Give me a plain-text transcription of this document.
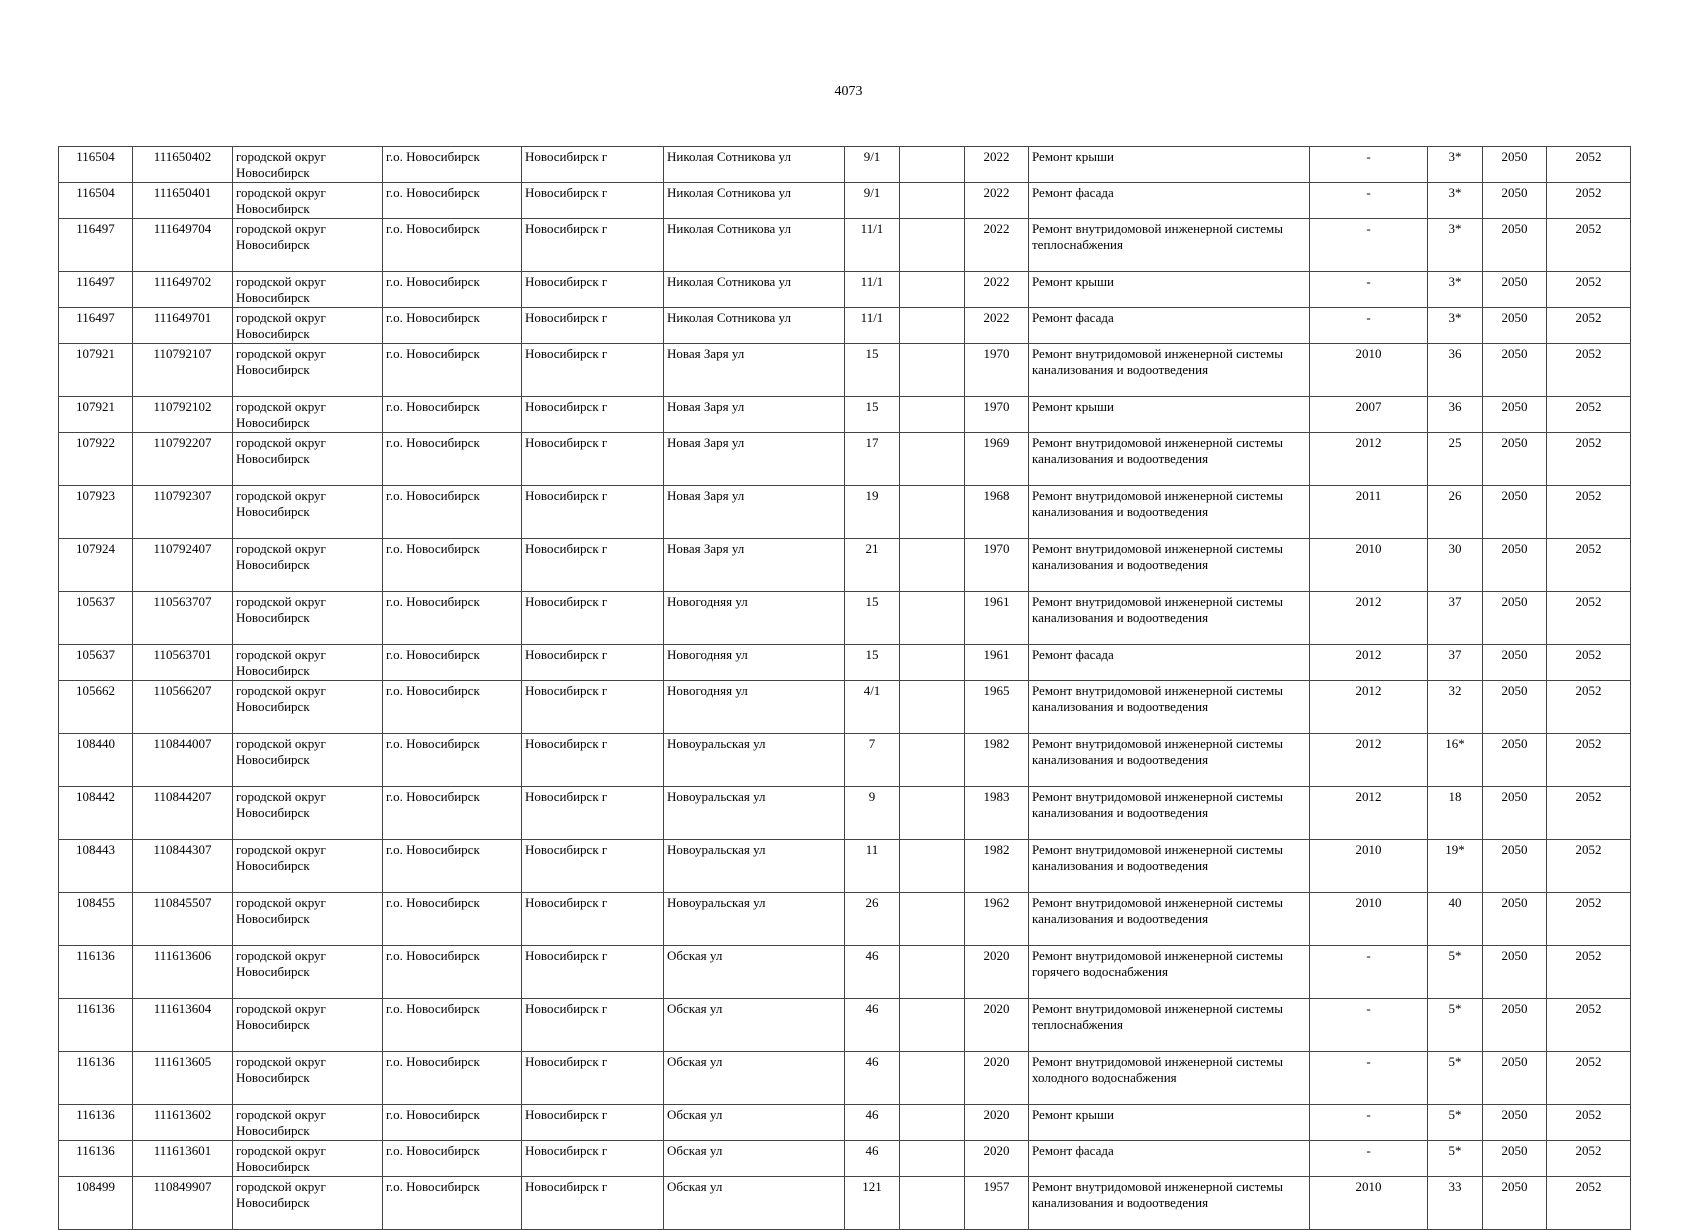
4073
116504	111650402	городской округ Новосибирск	г.о. Новосибирск	Новосибирск г	Николая Сотникова ул	9/1		2022	Ремонт крыши	-	3*	2050	2052
116504	111650401	городской округ Новосибирск	г.о. Новосибирск	Новосибирск г	Николая Сотникова ул	9/1		2022	Ремонт фасада	-	3*	2050	2052
116497	111649704	городской округ Новосибирск	г.о. Новосибирск	Новосибирск г	Николая Сотникова ул	11/1		2022	Ремонт внутридомовой инженерной системы теплоснабжения	-	3*	2050	2052
116497	111649702	городской округ Новосибирск	г.о. Новосибирск	Новосибирск г	Николая Сотникова ул	11/1		2022	Ремонт крыши	-	3*	2050	2052
116497	111649701	городской округ Новосибирск	г.о. Новосибирск	Новосибирск г	Николая Сотникова ул	11/1		2022	Ремонт фасада	-	3*	2050	2052
107921	110792107	городской округ Новосибирск	г.о. Новосибирск	Новосибирск г	Новая Заря ул	15		1970	Ремонт внутридомовой инженерной системы канализования и водоотведения	2010	36	2050	2052
107921	110792102	городской округ Новосибирск	г.о. Новосибирск	Новосибирск г	Новая Заря ул	15		1970	Ремонт крыши	2007	36	2050	2052
107922	110792207	городской округ Новосибирск	г.о. Новосибирск	Новосибирск г	Новая Заря ул	17		1969	Ремонт внутридомовой инженерной системы канализования и водоотведения	2012	25	2050	2052
107923	110792307	городской округ Новосибирск	г.о. Новосибирск	Новосибирск г	Новая Заря ул	19		1968	Ремонт внутридомовой инженерной системы канализования и водоотведения	2011	26	2050	2052
107924	110792407	городской округ Новосибирск	г.о. Новосибирск	Новосибирск г	Новая Заря ул	21		1970	Ремонт внутридомовой инженерной системы канализования и водоотведения	2010	30	2050	2052
105637	110563707	городской округ Новосибирск	г.о. Новосибирск	Новосибирск г	Новогодняя ул	15		1961	Ремонт внутридомовой инженерной системы канализования и водоотведения	2012	37	2050	2052
105637	110563701	городской округ Новосибирск	г.о. Новосибирск	Новосибирск г	Новогодняя ул	15		1961	Ремонт фасада	2012	37	2050	2052
105662	110566207	городской округ Новосибирск	г.о. Новосибирск	Новосибирск г	Новогодняя ул	4/1		1965	Ремонт внутридомовой инженерной системы канализования и водоотведения	2012	32	2050	2052
108440	110844007	городской округ Новосибирск	г.о. Новосибирск	Новосибирск г	Новоуральская ул	7		1982	Ремонт внутридомовой инженерной системы канализования и водоотведения	2012	16*	2050	2052
108442	110844207	городской округ Новосибирск	г.о. Новосибирск	Новосибирск г	Новоуральская ул	9		1983	Ремонт внутридомовой инженерной системы канализования и водоотведения	2012	18	2050	2052
108443	110844307	городской округ Новосибирск	г.о. Новосибирск	Новосибирск г	Новоуральская ул	11		1982	Ремонт внутридомовой инженерной системы канализования и водоотведения	2010	19*	2050	2052
108455	110845507	городской округ Новосибирск	г.о. Новосибирск	Новосибирск г	Новоуральская ул	26		1962	Ремонт внутридомовой инженерной системы канализования и водоотведения	2010	40	2050	2052
116136	111613606	городской округ Новосибирск	г.о. Новосибирск	Новосибирск г	Обская ул	46		2020	Ремонт внутридомовой инженерной системы горячего водоснабжения	-	5*	2050	2052
116136	111613604	городской округ Новосибирск	г.о. Новосибирск	Новосибирск г	Обская ул	46		2020	Ремонт внутридомовой инженерной системы теплоснабжения	-	5*	2050	2052
116136	111613605	городской округ Новосибирск	г.о. Новосибирск	Новосибирск г	Обская ул	46		2020	Ремонт внутридомовой инженерной системы холодного водоснабжения	-	5*	2050	2052
116136	111613602	городской округ Новосибирск	г.о. Новосибирск	Новосибирск г	Обская ул	46		2020	Ремонт крыши	-	5*	2050	2052
116136	111613601	городской округ Новосибирск	г.о. Новосибирск	Новосибирск г	Обская ул	46		2020	Ремонт фасада	-	5*	2050	2052
108499	110849907	городской округ Новосибирск	г.о. Новосибирск	Новосибирск г	Обская ул	121		1957	Ремонт внутридомовой инженерной системы канализования и водоотведения	2010	33	2050	2052
